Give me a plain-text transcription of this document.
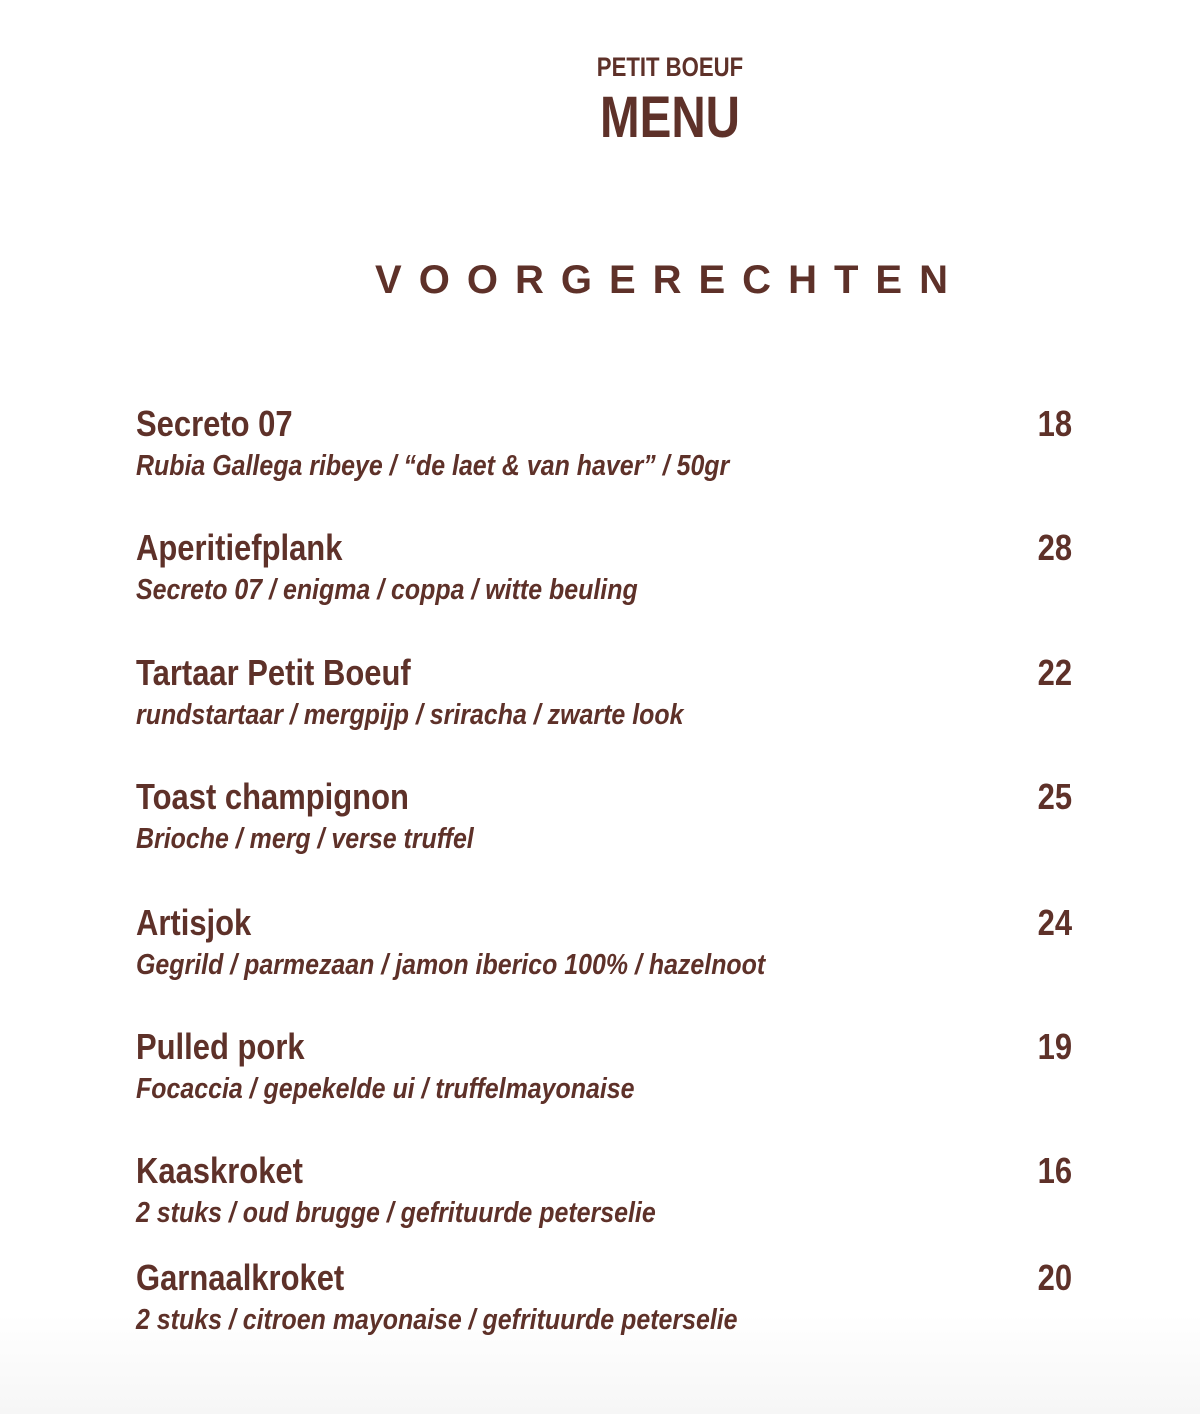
PETIT BOEUF
MENU
VOORGERECHTEN
Secreto 07	18
Rubia Gallega ribeye / “de laet & van haver” / 50gr
Aperitiefplank	28
Secreto 07 / enigma / coppa / witte beuling
Tartaar Petit Boeuf	22
rundstartaar / mergpijp / sriracha / zwarte look
Toast champignon	25
Brioche / merg / verse truffel
Artisjok	24
Gegrild / parmezaan / jamon iberico 100% / hazelnoot
Pulled pork	19
Focaccia / gepekelde ui / truffelmayonaise
Kaaskroket	16
2 stuks / oud brugge / gefrituurde peterselie
Garnaalkroket	20
2 stuks / citroen mayonaise / gefrituurde peterselie
